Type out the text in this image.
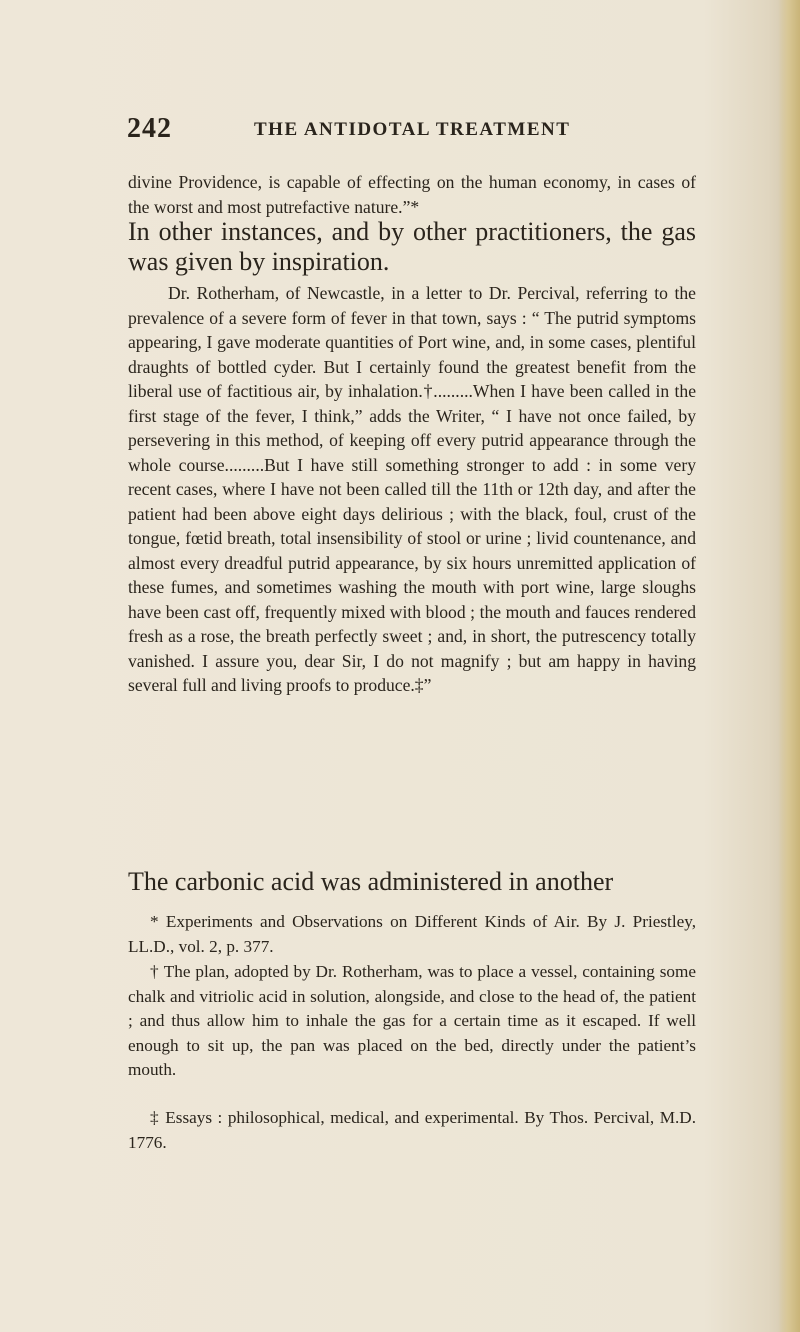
242	THE ANTIDOTAL TREATMENT

divine Providence, is capable of effecting on the human economy, in cases of the worst and most putrefactive nature.”*

In other instances, and by other practitioners, the gas was given by inspiration.

Dr. Rotherham, of Newcastle, in a letter to Dr. Percival, referring to the prevalence of a severe form of fever in that town, says : “ The putrid symptoms appearing, I gave moderate quantities of Port wine, and, in some cases, plentiful draughts of bottled cyder. But I certainly found the greatest benefit from the liberal use of factitious air, by inhalation.†.........When I have been called in the first stage of the fever, I think,” adds the Writer, “ I have not once failed, by persevering in this method, of keeping off every putrid appearance through the whole course.........But I have still something stronger to add : in some very recent cases, where I have not been called till the 11th or 12th day, and after the patient had been above eight days delirious ; with the black, foul, crust of the tongue, fœtid breath, total insensibility of stool or urine ; livid countenance, and almost every dreadful putrid appearance, by six hours unremitted application of these fumes, and sometimes washing the mouth with port wine, large sloughs have been cast off, frequently mixed with blood ; the mouth and fauces rendered fresh as a rose, the breath perfectly sweet ; and, in short, the putrescency totally vanished. I assure you, dear Sir, I do not magnify ; but am happy in having several full and living proofs to produce.‡”

The carbonic acid was administered in another

* Experiments and Observations on Different Kinds of Air. By J. Priestley, LL.D., vol. 2, p. 377.

† The plan, adopted by Dr. Rotherham, was to place a vessel, containing some chalk and vitriolic acid in solution, alongside, and close to the head of, the patient ; and thus allow him to inhale the gas for a certain time as it escaped. If well enough to sit up, the pan was placed on the bed, directly under the patient’s mouth.

‡ Essays : philosophical, medical, and experimental. By Thos. Percival, M.D. 1776.
